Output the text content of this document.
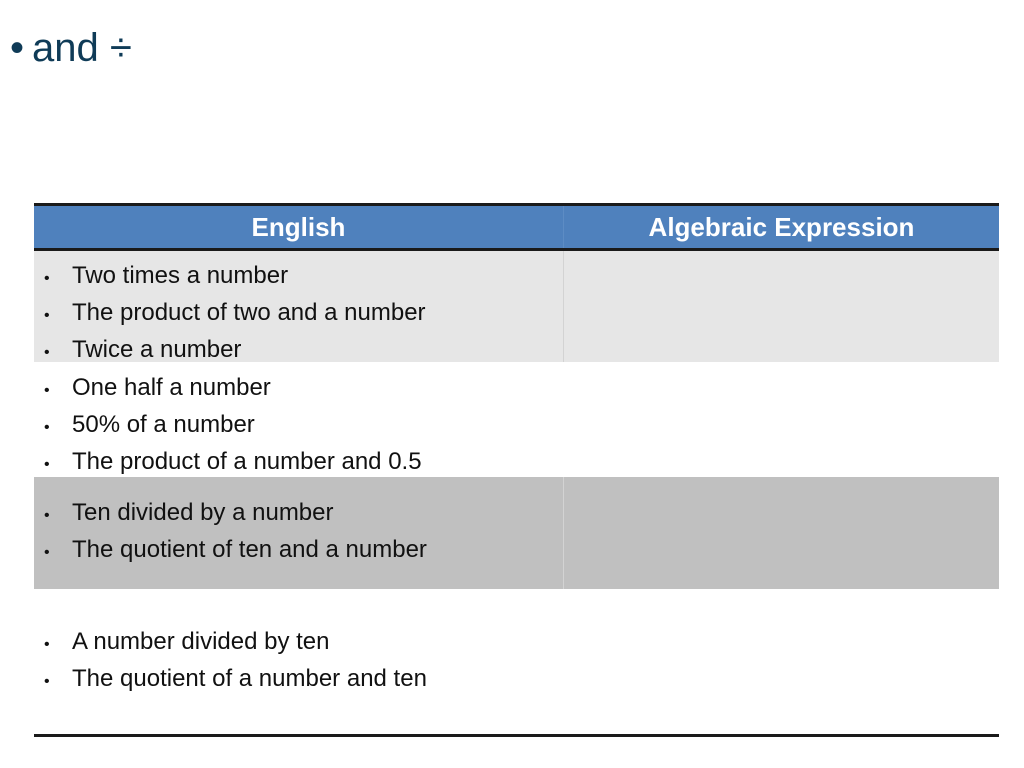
• and ÷
English	Algebraic Expression
• Two times a number
• The product of two and a number
• Twice a number
• One half a number
• 50% of a number
• The product of a number and 0.5
• Ten divided by a number
• The quotient of ten and a number
• A number divided by ten
• The quotient of a number and ten
